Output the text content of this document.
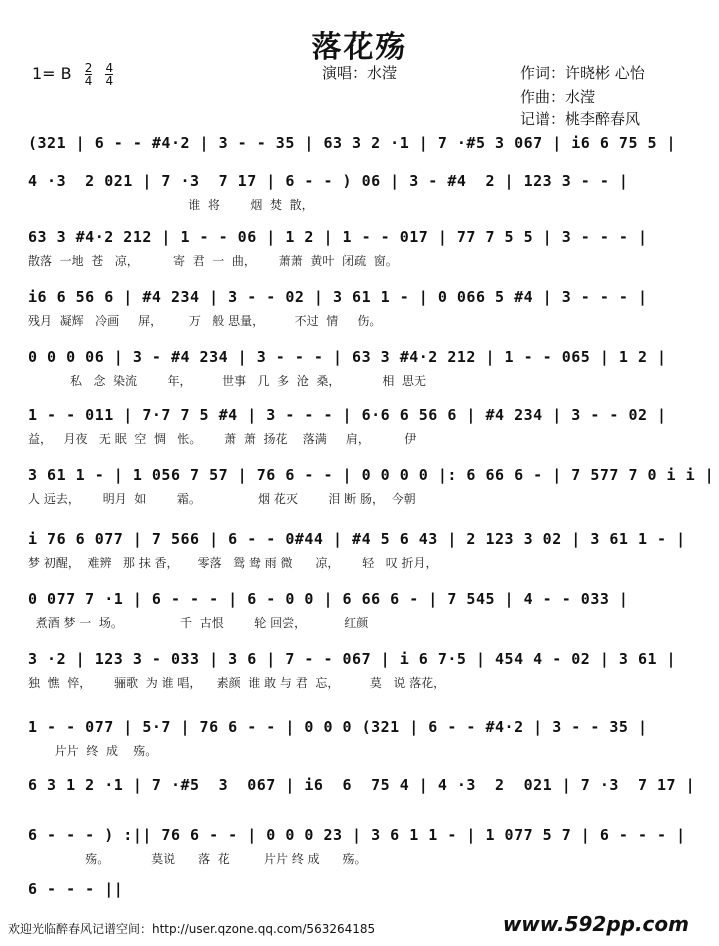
落花殇
1= B $\frac{2}{4}$
$\frac{4}{4}$	演唱：水滢	作词：许晓彬 心怡
作曲：水滢
记谱：桃李醉春风
(321 | 6 - - #4·2 | 3 - - 35 | 63 3 2 ·1 | 7 ·#5 3 067 | i6 6 75 5 |
4 ·3  2 021 | 7 ·3  7 17 | 6 - - ) 06 | 3 - #4  2 | 123 3 - - |
谁  将        烟  焚  散，
63 3 #4·2 212 | 1 - - 06 | 1 2 | 1 - - 017 | 77 7 5 5 | 3 - - - |
散落  一地  苍   凉，         寄  君  一  曲，      萧萧  黄叶  闭疏  窗。
i6 6 56 6 | #4 234 | 3 - - 02 | 3 61 1 - | 0 066 5 #4 | 3 - - - |
残月  凝辉   冷画     屏，       万   般 思量，        不过  情     伤。
0 0 0 06 | 3 - #4 234 | 3 - - - | 63 3 #4·2 212 | 1 - - 065 | 1 2 |
私   念  染流        年，        世事   几  多  沧  桑，           相  思无
1 - - 011 | 7·7 7 5 #4 | 3 - - - | 6·6 6 56 6 | #4 234 | 3 - - 02 |
益，   月夜   无 眠  空  惆   怅。      萧  萧  扬花    落满     肩，         伊
3 61 1 - | 1 056 7 57 | 76 6 - - | 0 0 0 0 |: 6 66 6 - | 7 577 7 0 i i |
人 远去，      明月  如        霜。               烟 花灭        泪 断 肠，  今朝
i 76 6 077 | 7 566 | 6 - - 0#44 | #4 5 6 43 | 2 123 3 02 | 3 61 1 - |
梦 初醒，  难辨   那 抹 香，     零落   鸳 鸯 雨 微      凉，      轻   叹 折月，
0 077 7 ·1 | 6 - - - | 6 - 0 0 | 6 66 6 - | 7 545 | 4 - - 033 |
煮酒 梦 一  场。               千  古恨        轮 回尝，          红颜
3 ·2 | 123 3 - 033 | 3 6 | 7 - - 067 | i 6 7·5 | 454 4 - 02 | 3 61 |
独  憔  悴，      骊歌  为 谁 唱，    素颜  谁 敢 与 君  忘，        莫   说 落花，
1 - - 077 | 5·7 | 76 6 - - | 0 0 0 (321 | 6 - - #4·2 | 3 - - 35 |
片片  终  成    殇。
6 3 1 2 ·1 | 7 ·#5  3  067 | i6  6  75 4 | 4 ·3  2  021 | 7 ·3  7 17 |
6 - - - ) :|| 76 6 - - | 0 0 0 23 | 3 6 1 1 - | 1 077 5 7 | 6 - - - |
殇。           莫说      落  花         片片 终 成      殇。
6 - - - ||
欢迎光临醉春风记谱空间：http://user.qzone.qq.com/563264185	www.592pp.com
